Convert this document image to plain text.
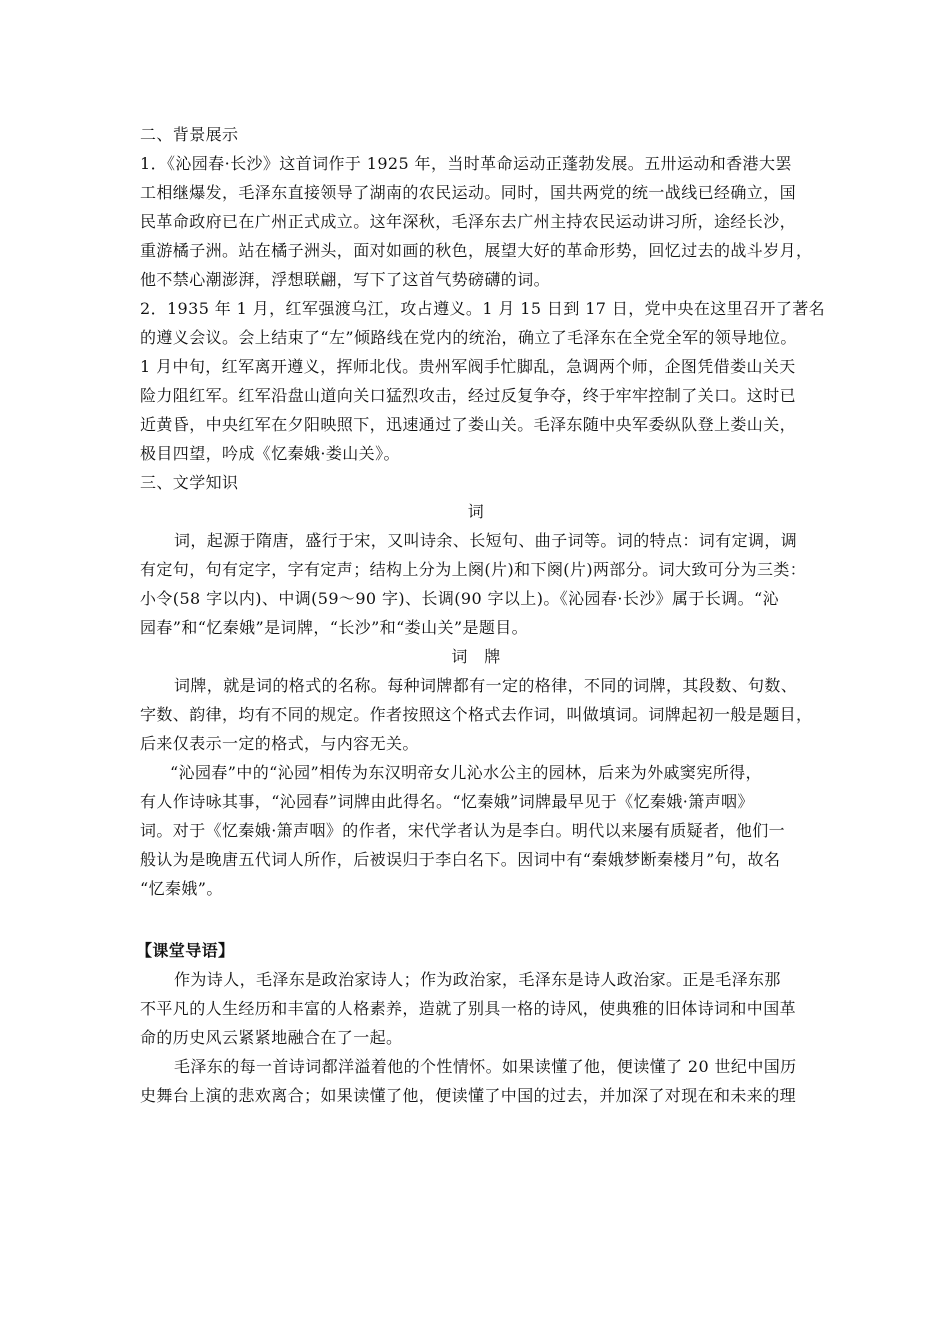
二、背景展示
1．《沁园春·长沙》这首词作于 1925 年，当时革命运动正蓬勃发展。五卅运动和香港大罢
工相继爆发，毛泽东直接领导了湖南的农民运动。同时，国共两党的统一战线已经确立，国
民革命政府已在广州正式成立。这年深秋，毛泽东去广州主持农民运动讲习所，途经长沙，
重游橘子洲。站在橘子洲头，面对如画的秋色，展望大好的革命形势，回忆过去的战斗岁月，
他不禁心潮澎湃，浮想联翩，写下了这首气势磅礴的词。
2．1935 年 1 月，红军强渡乌江，攻占遵义。1 月 15 日到 17 日，党中央在这里召开了著名
的遵义会议。会上结束了“左”倾路线在党内的统治，确立了毛泽东在全党全军的领导地位。
1 月中旬，红军离开遵义，挥师北伐。贵州军阀手忙脚乱，急调两个师，企图凭借娄山关天
险力阻红军。红军沿盘山道向关口猛烈攻击，经过反复争夺，终于牢牢控制了关口。这时已
近黄昏，中央红军在夕阳映照下，迅速通过了娄山关。毛泽东随中央军委纵队登上娄山关，
极目四望，吟成《忆秦娥·娄山关》。
三、文学知识
词
词，起源于隋唐，盛行于宋，又叫诗余、长短句、曲子词等。词的特点：词有定调，调
有定句，句有定字，字有定声；结构上分为上阕(片)和下阕(片)两部分。词大致可分为三类：
小令(58 字以内)、中调(59～90 字)、长调(90 字以上)。《沁园春·长沙》属于长调。“沁
园春”和“忆秦娥”是词牌，“长沙”和“娄山关”是题目。
词　牌
词牌，就是词的格式的名称。每种词牌都有一定的格律，不同的词牌，其段数、句数、
字数、韵律，均有不同的规定。作者按照这个格式去作词，叫做填词。词牌起初一般是题目，
后来仅表示一定的格式，与内容无关。
“沁园春”中的“沁园”相传为东汉明帝女儿沁水公主的园林，后来为外戚窦宪所得，
有人作诗咏其事，“沁园春”词牌由此得名。“忆秦娥”词牌最早见于《忆秦娥·箫声咽》
词。对于《忆秦娥·箫声咽》的作者，宋代学者认为是李白。明代以来屡有质疑者，他们一
般认为是晚唐五代词人所作，后被误归于李白名下。因词中有“秦娥梦断秦楼月”句，故名
“忆秦娥”。
【课堂导语】
作为诗人，毛泽东是政治家诗人；作为政治家，毛泽东是诗人政治家。正是毛泽东那
不平凡的人生经历和丰富的人格素养，造就了别具一格的诗风，使典雅的旧体诗词和中国革
命的历史风云紧紧地融合在了一起。
毛泽东的每一首诗词都洋溢着他的个性情怀。如果读懂了他，便读懂了 20 世纪中国历
史舞台上演的悲欢离合；如果读懂了他，便读懂了中国的过去，并加深了对现在和未来的理
